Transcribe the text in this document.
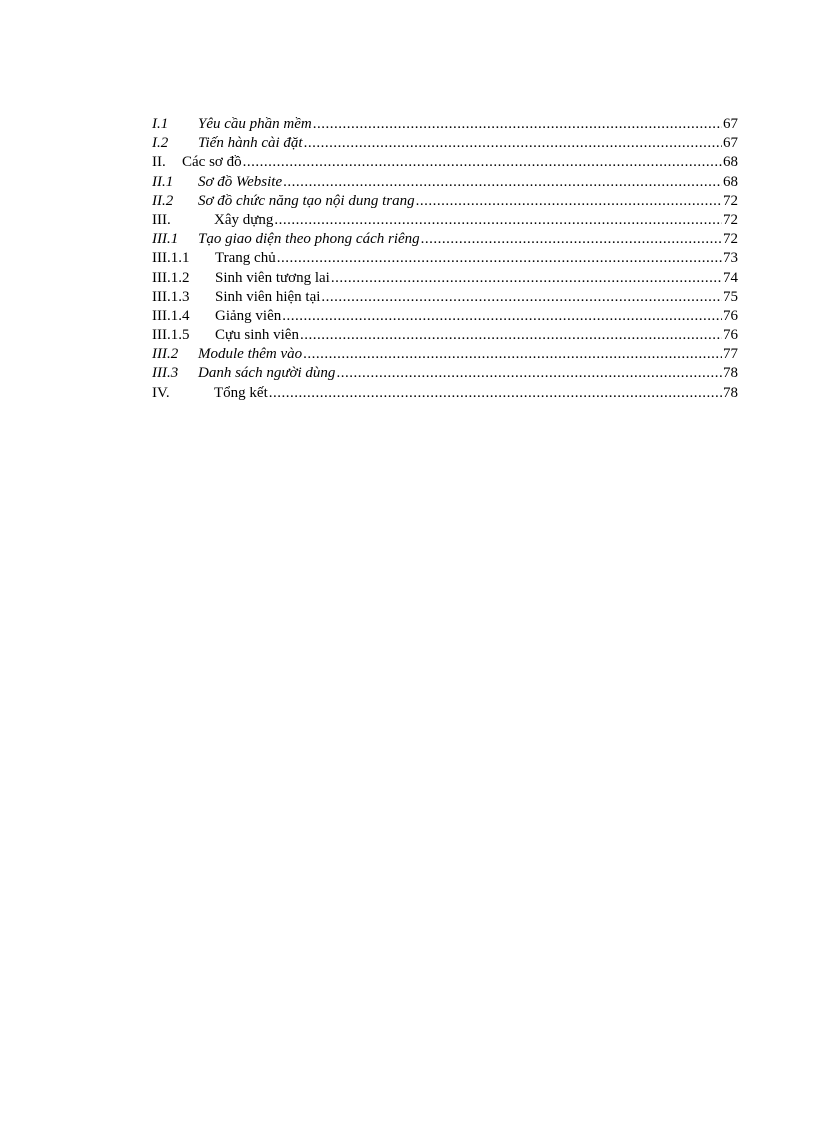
I.1	Yêu cầu phần mềm .....	67
I.2	Tiến hành cài đặt .....	67
II.	Các sơ đồ .....	68
II.1	Sơ đồ Website .....	68
II.2	Sơ đồ chức năng tạo nội dung trang .....	72
III.	Xây dựng .....	72
III.1	Tạo giao diện theo phong cách riêng .....	72
III.1.1	Trang chủ .....	73
III.1.2	Sinh viên tương lai .....	74
III.1.3	Sinh viên hiện tại .....	75
III.1.4	Giảng viên .....	76
III.1.5	Cựu sinh viên .....	76
III.2	Module thêm vào .....	77
III.3	Danh sách người dùng .....	78
IV.	Tổng kết .....	78
